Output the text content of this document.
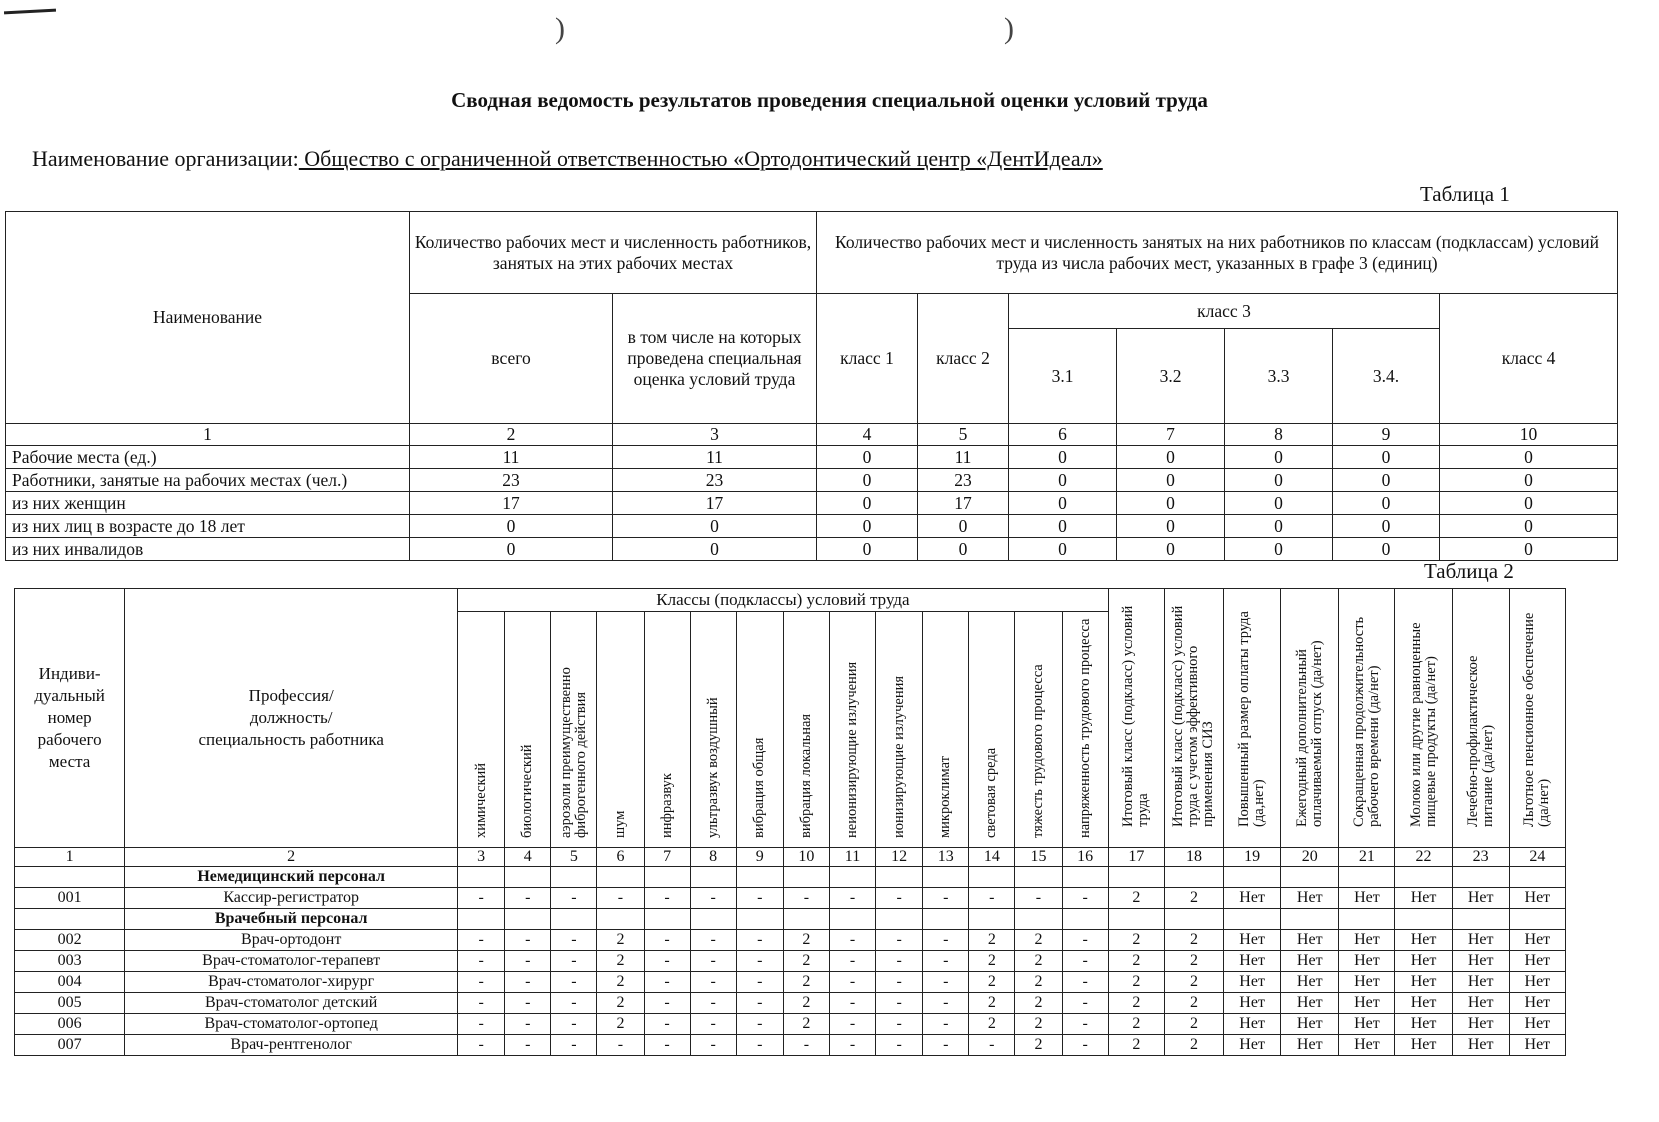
)	)
Сводная ведомость результатов проведения специальной оценки условий труда
Наименование организации: Общество с ограниченной ответственностью «Ортодонтический центр «ДентИдеал»
Таблица 1
Наименование	Количество рабочих мест и численность работников, занятых на этих рабочих местах		Количество рабочих мест и численность занятых на них работников по классам (подклассам) условий труда из числа рабочих мест, указанных в графе 3 (единиц)						
	всего	в том числе на которых проведена специальная оценка условий труда	класс 1	класс 2	класс 3				класс 4
					3.1	3.2	3.3	3.4.	
1	2	3	4	5	6	7	8	9	10
Рабочие места (ед.)	11	11	0	11	0	0	0	0	0
Работники, занятые на рабочих местах (чел.)	23	23	0	23	0	0	0	0	0
из них женщин	17	17	0	17	0	0	0	0	0
из них лиц в возрасте до 18 лет	0	0	0	0	0	0	0	0	0
из них инвалидов	0	0	0	0	0	0	0	0	0
Таблица 2
Индиви-
дуальный
номер
рабочего
места	Профессия/
должность/
специальность работника	Классы (подклассы) условий труда														Итоговый класс (подкласс) условий труда	Итоговый класс (подкласс) условий труда с учетом эффективного применения СИЗ	Повышенный размер оплаты труда (да,нет)	Ежегодный дополнительный оплачиваемый отпуск (да/нет)	Сокращенная продолжительность рабочего времени (да/нет)	Молоко или другие равноценные пищевые продукты (да/нет)	Лечебно-профилактическое питание (да/нет)	Льготное пенсионное обеспечение (да/нет)
		химический	биологический	аэрозоли преимущественно фиброгенного действия	шум	инфразвук	ультразвук воздушный	вибрация общая	вибрация локальная	неионизирующие излучения	ионизирующие излучения	микроклимат	световая среда	тяжесть трудового процесса	напряженность трудового процесса								
1	2	3	4	5	6	7	8	9	10	11	12	13	14	15	16	17	18	19	20	21	22	23	24
	Немедицинский персонал																						
001	Кассир-регистратор	-	-	-	-	-	-	-	-	-	-	-	-	-	-	2	2	Нет	Нет	Нет	Нет	Нет	Нет
	Врачебный персонал																						
002	Врач-ортодонт	-	-	-	2	-	-	-	2	-	-	-	2	2	-	2	2	Нет	Нет	Нет	Нет	Нет	Нет
003	Врач-стоматолог-терапевт	-	-	-	2	-	-	-	2	-	-	-	2	2	-	2	2	Нет	Нет	Нет	Нет	Нет	Нет
004	Врач-стоматолог-хирург	-	-	-	2	-	-	-	2	-	-	-	2	2	-	2	2	Нет	Нет	Нет	Нет	Нет	Нет
005	Врач-стоматолог детский	-	-	-	2	-	-	-	2	-	-	-	2	2	-	2	2	Нет	Нет	Нет	Нет	Нет	Нет
006	Врач-стоматолог-ортопед	-	-	-	2	-	-	-	2	-	-	-	2	2	-	2	2	Нет	Нет	Нет	Нет	Нет	Нет
007	Врач-рентгенолог	-	-	-	-	-	-	-	-	-	-	-	-	2	-	2	2	Нет	Нет	Нет	Нет	Нет	Нет
